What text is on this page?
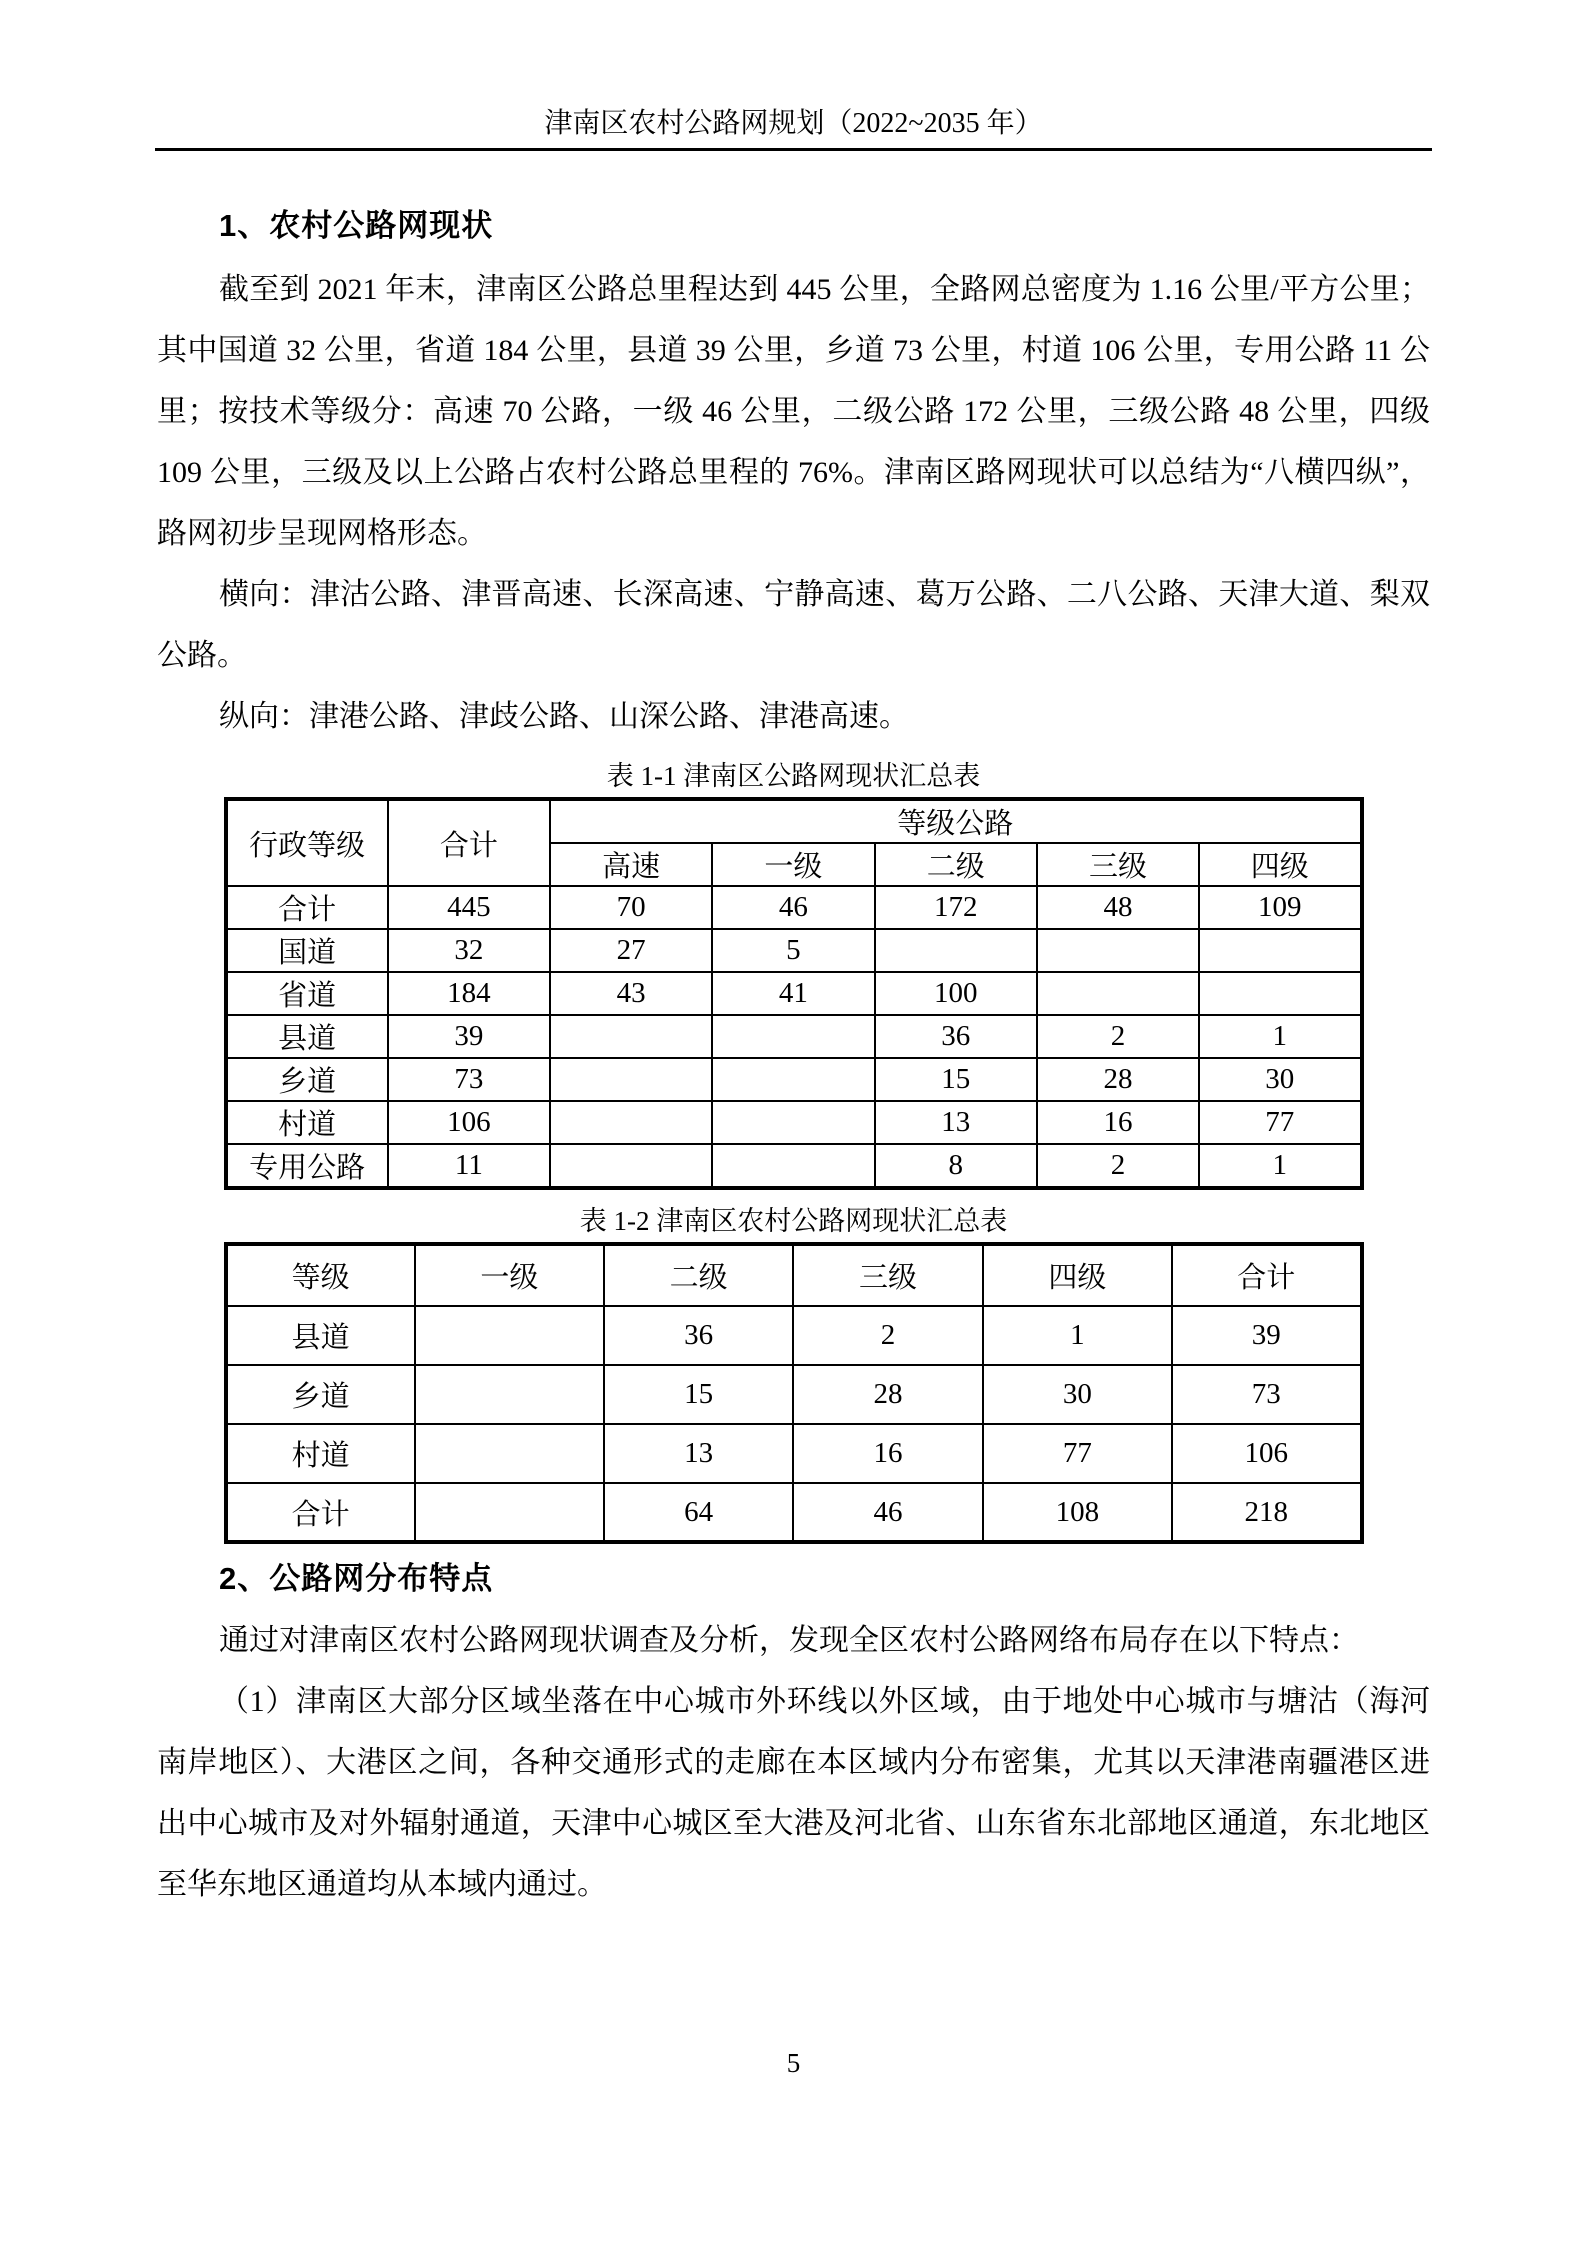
津南区农村公路网规划（2022~2035 年）
1、农村公路网现状

截至到 2021 年末，津南区公路总里程达到 445 公里，全路网总密度为 1.16 公里/平方公里；其中国道 32 公里，省道 184 公里，县道 39 公里，乡道 73 公里，村道 106 公里，专用公路 11 公里；按技术等级分：高速 70 公路，一级 46 公里，二级公路 172 公里，三级公路 48 公里，四级 109 公里，三级及以上公路占农村公路总里程的 76%。津南区路网现状可以总结为“八横四纵”，路网初步呈现网格形态。

横向：津沽公路、津晋高速、长深高速、宁静高速、葛万公路、二八公路、天津大道、梨双公路。

纵向：津港公路、津歧公路、山深公路、津港高速。

表 1-1 津南区公路网现状汇总表
行政等级	合计	等级公路				
		高速	一级	二级	三级	四级
合计	445	70	46	172	48	109
国道	32	27	5			
省道	184	43	41	100		
县道	39			36	2	1
乡道	73			15	28	30
村道	106			13	16	77
专用公路	11			8	2	1
表 1-2 津南区农村公路网现状汇总表
等级	一级	二级	三级	四级	合计
县道		36	2	1	39
乡道		15	28	30	73
村道		13	16	77	106
合计		64	46	108	218
2、公路网分布特点

通过对津南区农村公路网现状调查及分析，发现全区农村公路网络布局存在以下特点：

（1）津南区大部分区域坐落在中心城市外环线以外区域，由于地处中心城市与塘沽（海河南岸地区）、大港区之间，各种交通形式的走廊在本区域内分布密集，尤其以天津港南疆港区进出中心城市及对外辐射通道，天津中心城区至大港及河北省、山东省东北部地区通道，东北地区至华东地区通道均从本域内通过。

5
